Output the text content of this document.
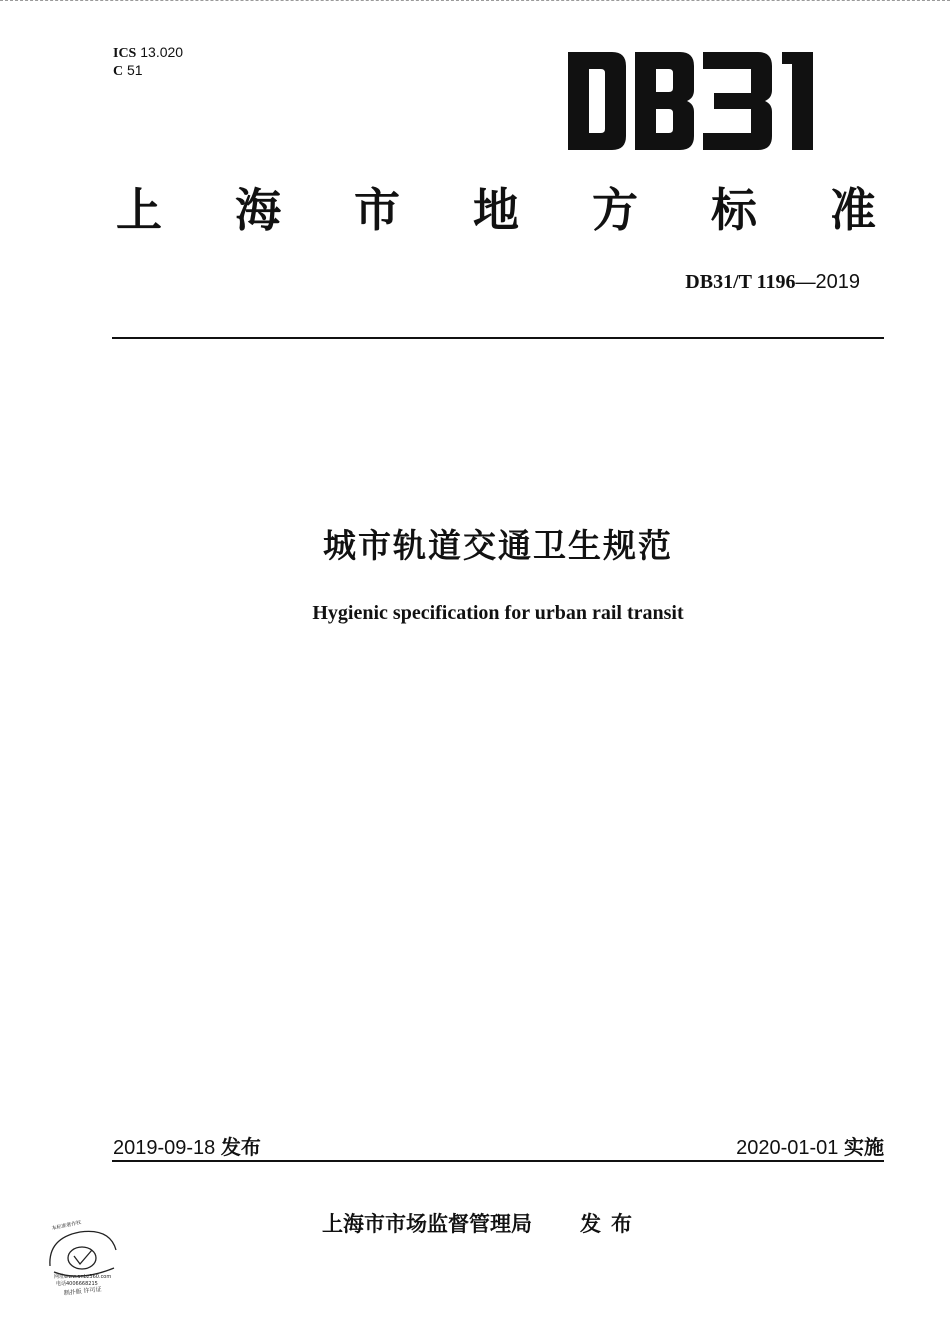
ICS 13.020
C 51
上 海 市 地 方 标 准
DB31/T 1196—2019
城市轨道交通卫生规范
Hygienic specification for urban rail transit
2019-09-18 发布	2020-01-01 实施
上海市市场监督管理局 发布
本标准著作权
网址www.anbz360.com
电话4006668215
制扑版 许可证
